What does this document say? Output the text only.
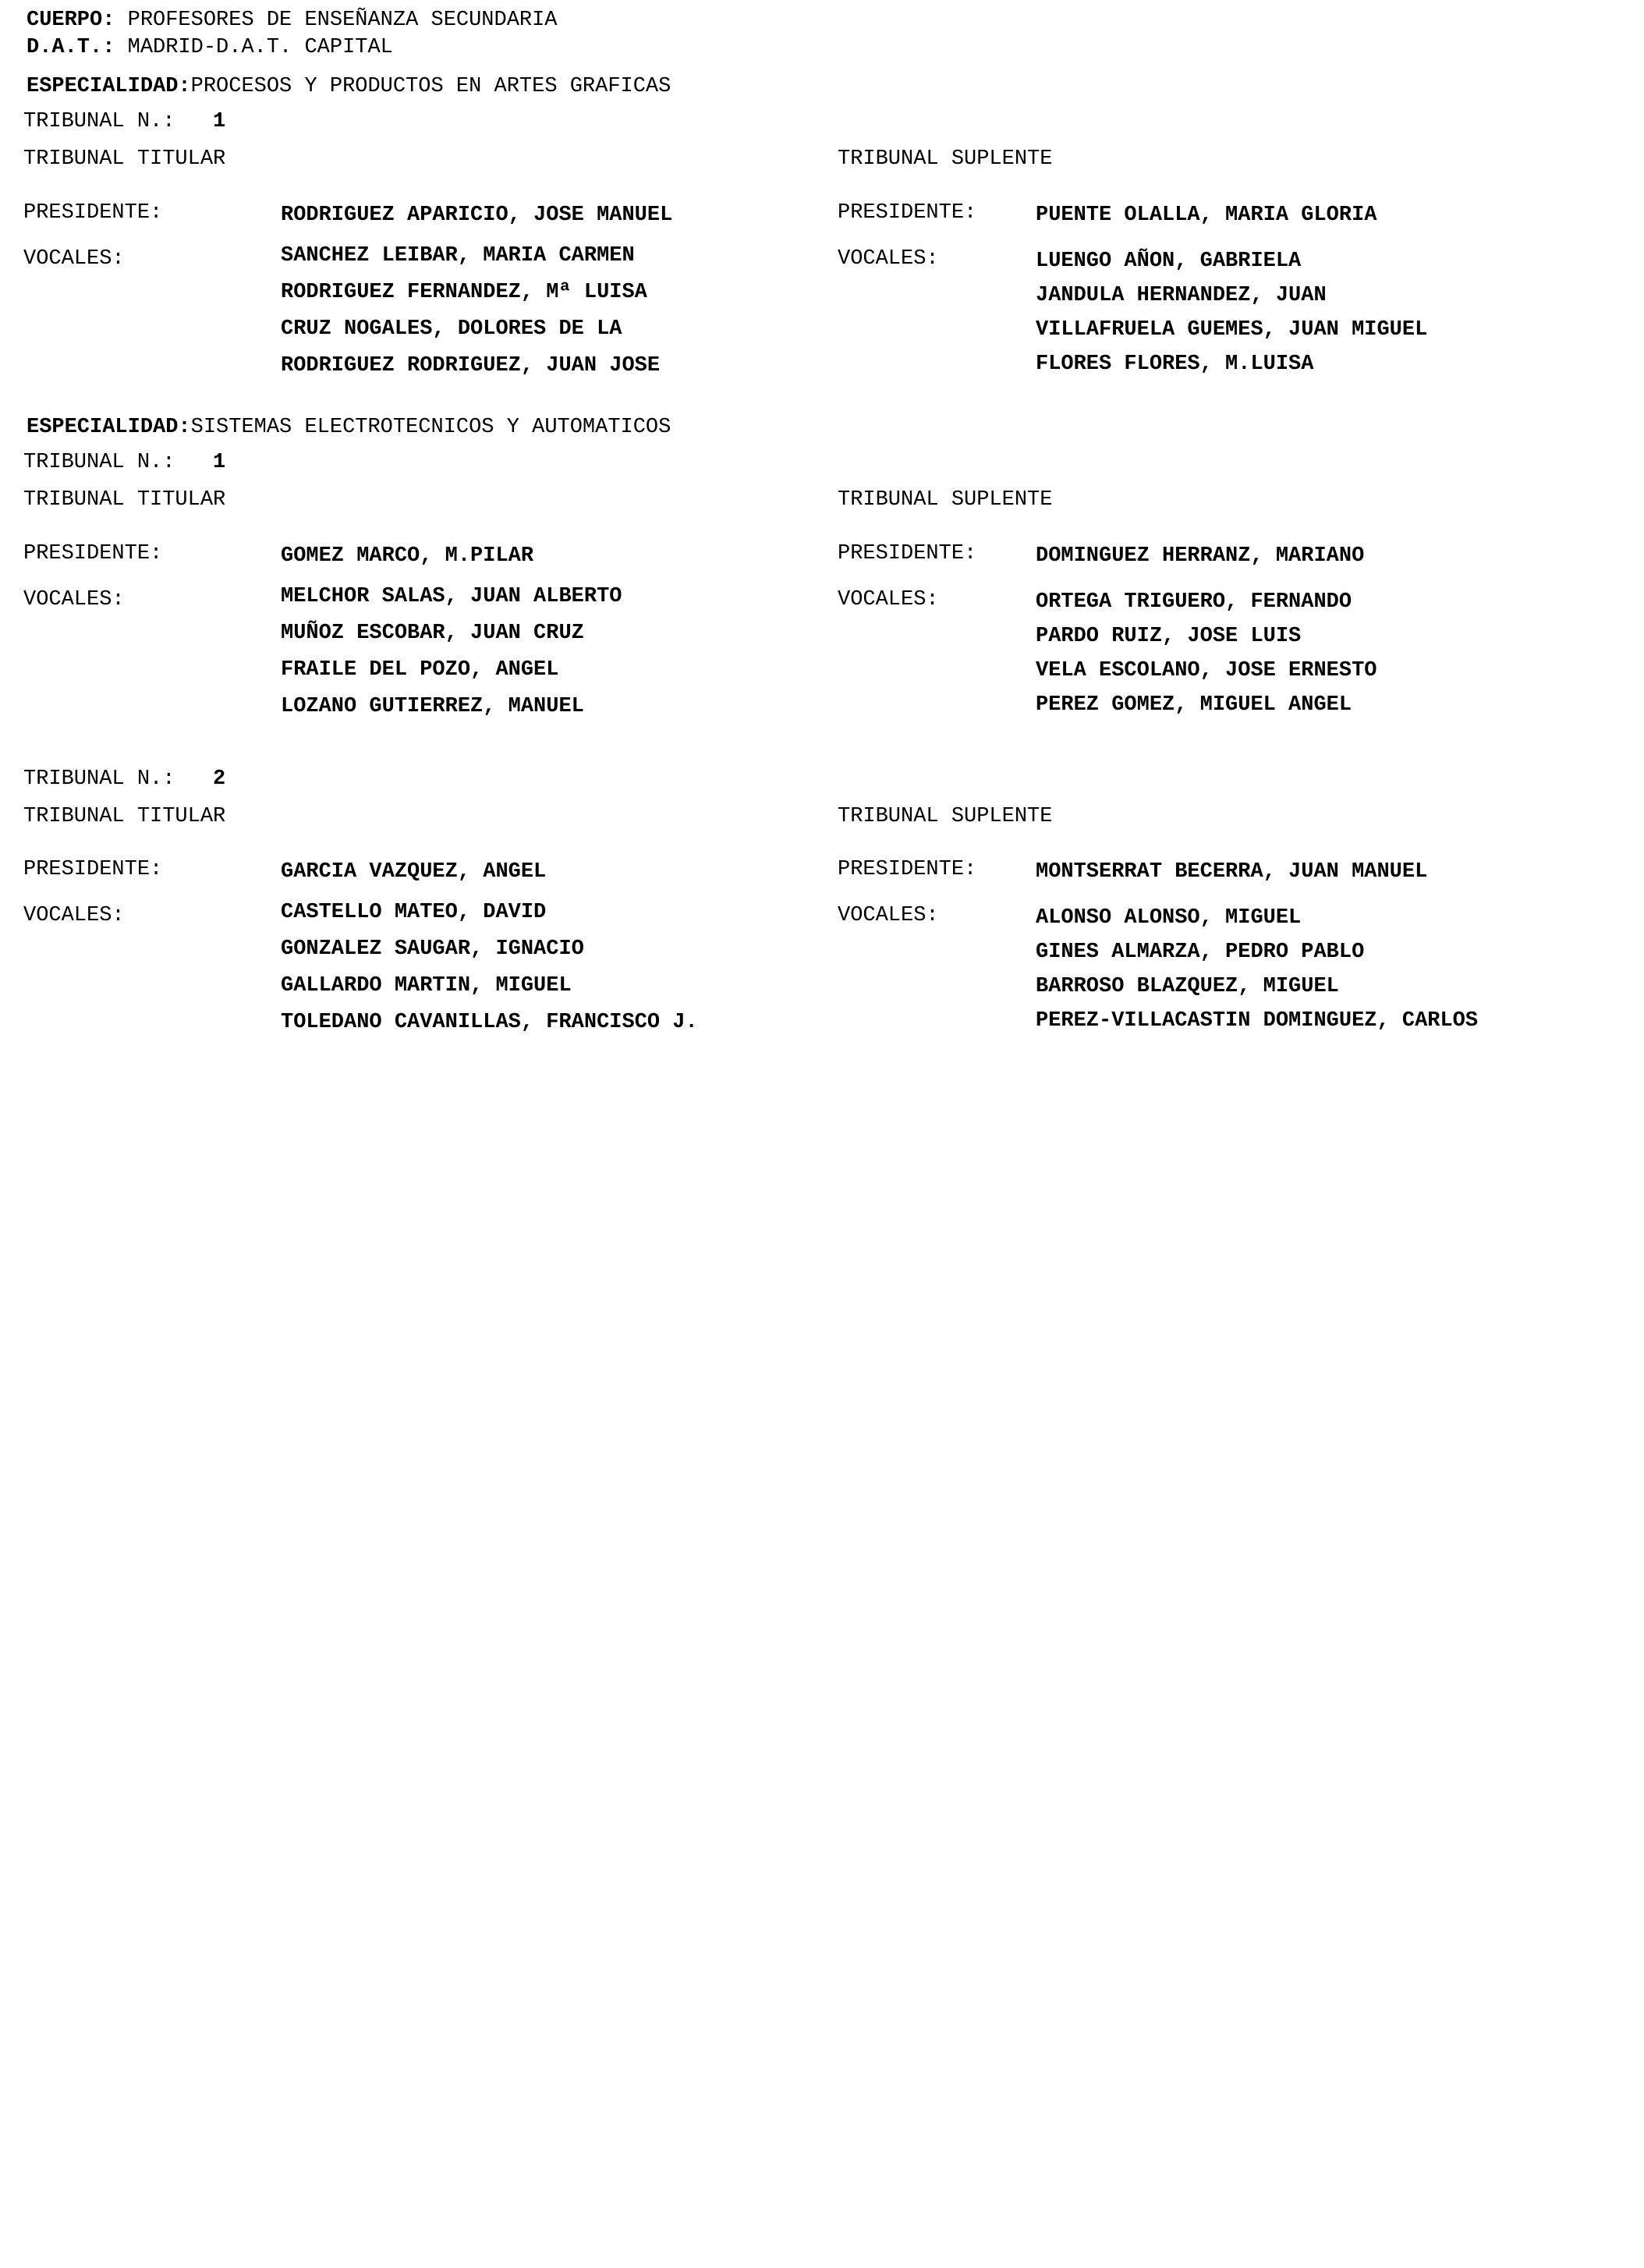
CUERPO: PROFESORES DE ENSEÑANZA SECUNDARIA
D.A.T.: MADRID-D.A.T. CAPITAL
ESPECIALIDAD:PROCESOS Y PRODUCTOS EN ARTES GRAFICAS
TRIBUNAL N.: 1
TRIBUNAL TITULAR	TRIBUNAL SUPLENTE
PRESIDENTE:	RODRIGUEZ APARICIO, JOSE MANUEL	PRESIDENTE:	PUENTE OLALLA, MARIA GLORIA
VOCALES:	SANCHEZ LEIBAR, MARIA CARMEN
RODRIGUEZ FERNANDEZ, Mª LUISA
CRUZ NOGALES, DOLORES DE LA
RODRIGUEZ RODRIGUEZ, JUAN JOSE
VOCALES:	LUENGO AÑON, GABRIELA
JANDULA HERNANDEZ, JUAN
VILLAFRUELA GUEMES, JUAN MIGUEL
FLORES FLORES, M.LUISA
ESPECIALIDAD:SISTEMAS ELECTROTECNICOS Y AUTOMATICOS
TRIBUNAL N.: 1
TRIBUNAL TITULAR	TRIBUNAL SUPLENTE
PRESIDENTE:	GOMEZ MARCO, M.PILAR	PRESIDENTE:	DOMINGUEZ HERRANZ, MARIANO
VOCALES:	MELCHOR SALAS, JUAN ALBERTO
MUÑOZ ESCOBAR, JUAN CRUZ
FRAILE DEL POZO, ANGEL
LOZANO GUTIERREZ, MANUEL
VOCALES:	ORTEGA TRIGUERO, FERNANDO
PARDO RUIZ, JOSE LUIS
VELA ESCOLANO, JOSE ERNESTO
PEREZ GOMEZ, MIGUEL ANGEL
TRIBUNAL N.: 2
TRIBUNAL TITULAR	TRIBUNAL SUPLENTE
PRESIDENTE:	GARCIA VAZQUEZ, ANGEL	PRESIDENTE:	MONTSERRAT BECERRA, JUAN MANUEL
VOCALES:	CASTELLO MATEO, DAVID
GONZALEZ SAUGAR, IGNACIO
GALLARDO MARTIN, MIGUEL
TOLEDANO CAVANILLAS, FRANCISCO J.
VOCALES:	ALONSO ALONSO, MIGUEL
GINES ALMARZA, PEDRO PABLO
BARROSO BLAZQUEZ, MIGUEL
PEREZ-VILLACASTIN DOMINGUEZ, CARLOS
